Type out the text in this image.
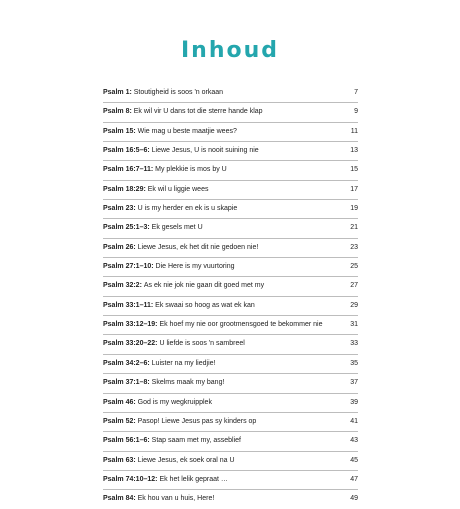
Inhoud
Psalm 1: Stoutigheid is soos 'n orkaan	7
Psalm 8: Ek wil vir U dans tot die sterre hande klap	9
Psalm 15: Wie mag u beste maatjie wees?	11
Psalm 16:5–6: Liewe Jesus, U is nooit suining nie	13
Psalm 16:7–11: My plekkie is mos by U	15
Psalm 18:29: Ek wil u liggie wees	17
Psalm 23: U is my herder en ek is u skapie	19
Psalm 25:1–3: Ek gesels met U	21
Psalm 26: Liewe Jesus, ek het dit nie gedoen nie!	23
Psalm 27:1–10: Die Here is my vuurtoring	25
Psalm 32:2: As ek nie jok nie gaan dit goed met my	27
Psalm 33:1–11: Ek swaai so hoog as wat ek kan	29
Psalm 33:12–19: Ek hoef my nie oor grootmensgoed te bekommer nie	31
Psalm 33:20–22: U liefde is soos 'n sambreel	33
Psalm 34:2–6: Luister na my liedjie!	35
Psalm 37:1–8: Skelms maak my bang!	37
Psalm 46: God is my wegkruipplek	39
Psalm 52: Pasop! Liewe Jesus pas sy kinders op	41
Psalm 56:1–6: Stap saam met my, asseblief	43
Psalm 63: Liewe Jesus, ek soek oral na U	45
Psalm 74:10–12: Ek het lelik gepraat …	47
Psalm 84: Ek hou van u huis, Here!	49
